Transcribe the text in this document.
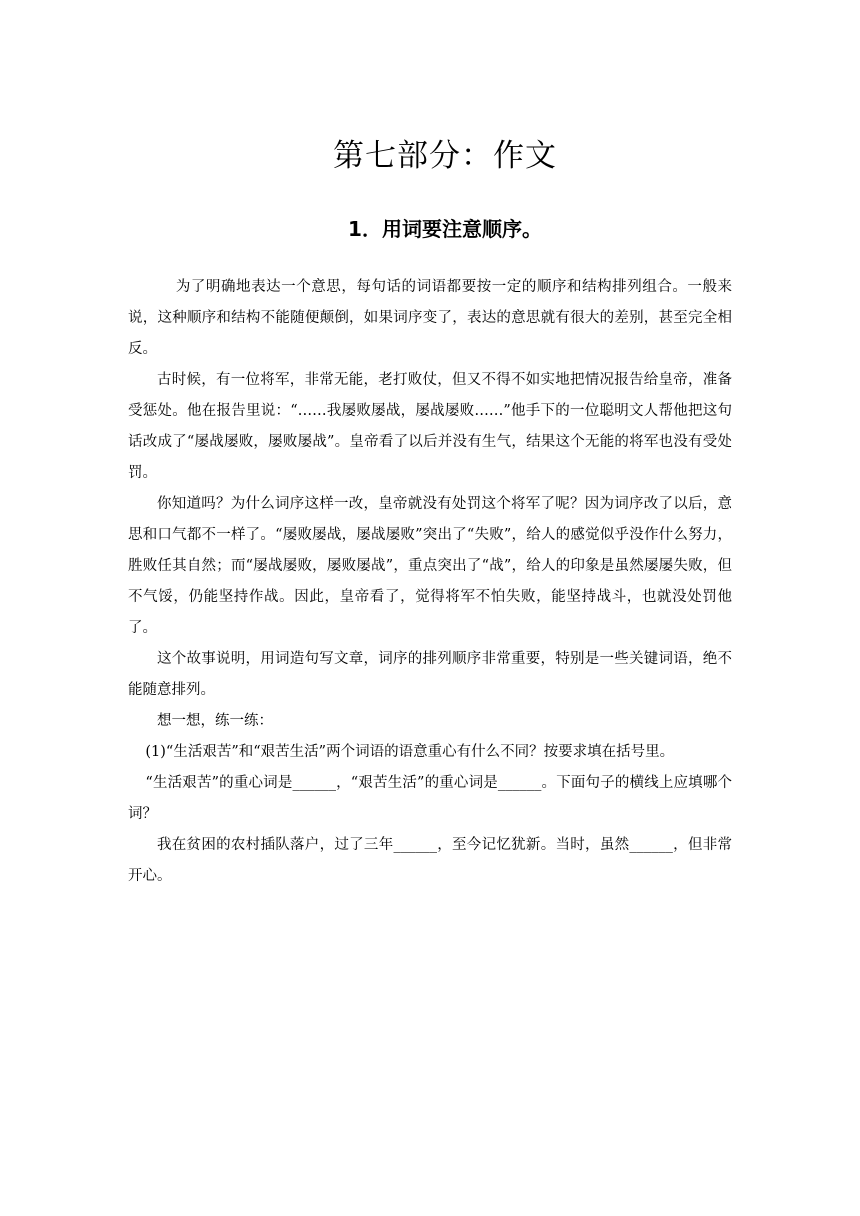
第七部分：作文
1．用词要注意顺序。

为了明确地表达一个意思，每句话的词语都要按一定的顺序和结构排列组合。一般来说，这种顺序和结构不能随便颠倒，如果词序变了，表达的意思就有很大的差别，甚至完全相反。

古时候，有一位将军，非常无能，老打败仗，但又不得不如实地把情况报告给皇帝，准备受惩处。他在报告里说：“……我屡败屡战，屡战屡败……”他手下的一位聪明文人帮他把这句话改成了“屡战屡败，屡败屡战”。皇帝看了以后并没有生气，结果这个无能的将军也没有受处罚。

你知道吗？为什么词序这样一改，皇帝就没有处罚这个将军了呢？因为词序改了以后，意思和口气都不一样了。“屡败屡战，屡战屡败”突出了“失败”，给人的感觉似乎没作什么努力，胜败任其自然；而“屡战屡败，屡败屡战”，重点突出了“战”，给人的印象是虽然屡屡失败，但不气馁，仍能坚持作战。因此，皇帝看了，觉得将军不怕失败，能坚持战斗，也就没处罚他了。

这个故事说明，用词造句写文章，词序的排列顺序非常重要，特别是一些关键词语，绝不能随意排列。

想一想，练一练：

(1)“生活艰苦”和“艰苦生活”两个词语的语意重心有什么不同？按要求填在括号里。

“生活艰苦”的重心词是______，“艰苦生活”的重心词是______。下面句子的横线上应填哪个词？

我在贫困的农村插队落户，过了三年______，至今记忆犹新。当时，虽然______，但非常开心。
